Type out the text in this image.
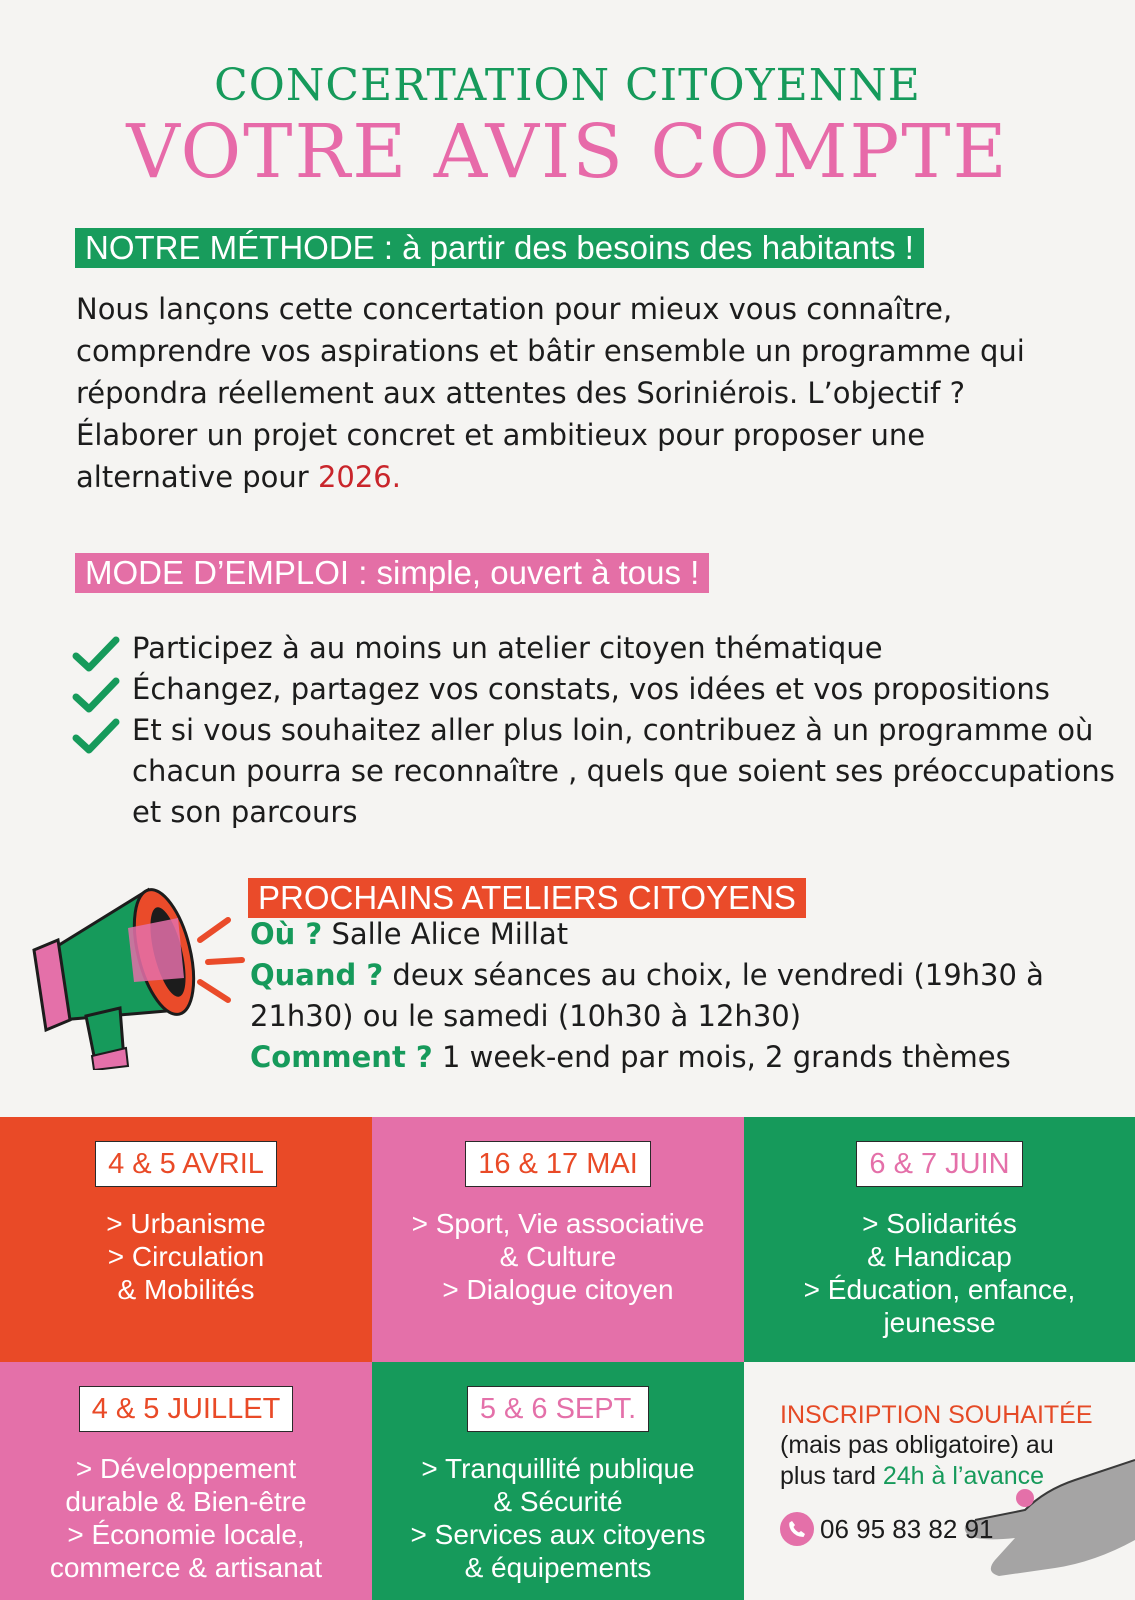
CONCERTATION CITOYENNE
VOTRE AVIS COMPTE
NOTRE MÉTHODE : à partir des besoins des habitants !

Nous lançons cette concertation pour mieux vous connaître, comprendre vos aspirations et bâtir ensemble un programme qui répondra réellement aux attentes des Soriniérois. L’objectif ? Élaborer un projet concret et ambitieux pour proposer une alternative pour 2026.

MODE D’EMPLOI : simple, ouvert à tous !
Participez à au moins un atelier citoyen thématique
Échangez, partagez vos constats, vos idées et vos propositions
Et si vous souhaitez aller plus loin, contribuez à un programme où chacun pourra se reconnaître , quels que soient ses préoccupations et son parcours
PROCHAINS ATELIERS CITOYENS

Où ? Salle Alice Millat

Quand ? deux séances au choix, le vendredi (19h30 à 21h30) ou le samedi (10h30 à 12h30)

Comment ? 1 week-end par mois, 2 grands thèmes

4 & 5 AVRIL
> Urbanisme
> Circulation
& Mobilités
16 & 17 MAI
> Sport, Vie associative
& Culture
> Dialogue citoyen
6 & 7 JUIN
> Solidarités
& Handicap
> Éducation, enfance,
jeunesse
4 & 5 JUILLET
> Développement
durable & Bien-être
> Économie locale,
commerce & artisanat
5 & 6 SEPT.
> Tranquillité publique
& Sécurité
> Services aux citoyens
& équipements
INSCRIPTION SOUHAITÉE
(mais pas obligatoire) au
plus tard 24h à l’avance
06 95 83 82 91
